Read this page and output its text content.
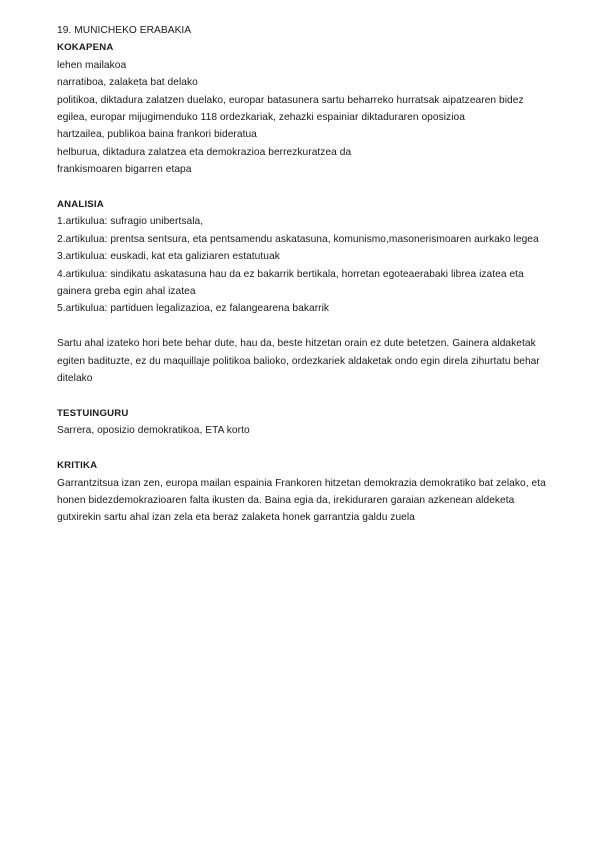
19. MUNICHEKO ERABAKIA
KOKAPENA
lehen mailakoa
narratiboa, zalaketa bat delako
politikoa, diktadura zalatzen duelako, europar batasunera sartu beharreko hurratsak aipatzearen bidez
egilea, europar mijugimenduko 118 ordezkariak, zehazki espainiar diktaduraren oposizioa
hartzailea, publikoa baina frankori bideratua
helburua, diktadura zalatzea eta demokrazioa berrezkuratzea da
frankismoaren bigarren etapa
ANALISIA
1.artikulua: sufragio unibertsala,
2.artikulua: prentsa sentsura, eta pentsamendu askatasuna, komunismo,masonerismoaren aurkako legea
3.artikulua: euskadi, kat eta galiziaren estatutuak
4.artikulua: sindikatu askatasuna hau da ez bakarrik bertikala, horretan egoteaerabaki librea izatea eta gainera greba egin ahal izatea
5.artikulua: partiduen legalizazioa, ez falangearena bakarrik
Sartu ahal izateko hori bete behar dute, hau da, beste hitzetan orain ez dute betetzen. Gainera aldaketak egiten badituzte, ez du maquillaje politikoa balioko, ordezkariek aldaketak ondo egin direla zihurtatu behar ditelako
TESTUINGURU
Sarrera, oposizio demokratikoa, ETA korto
KRITIKA
Garrantzitsua izan zen, europa mailan espainia Frankoren hitzetan demokrazia demokratiko bat zelako, eta honen bidezdemokrazioaren falta ikusten da. Baina egia da, irekiduraren garaian azkenean aldeketa gutxirekin sartu ahal izan zela eta beraz zalaketa honek garrantzia galdu zuela
